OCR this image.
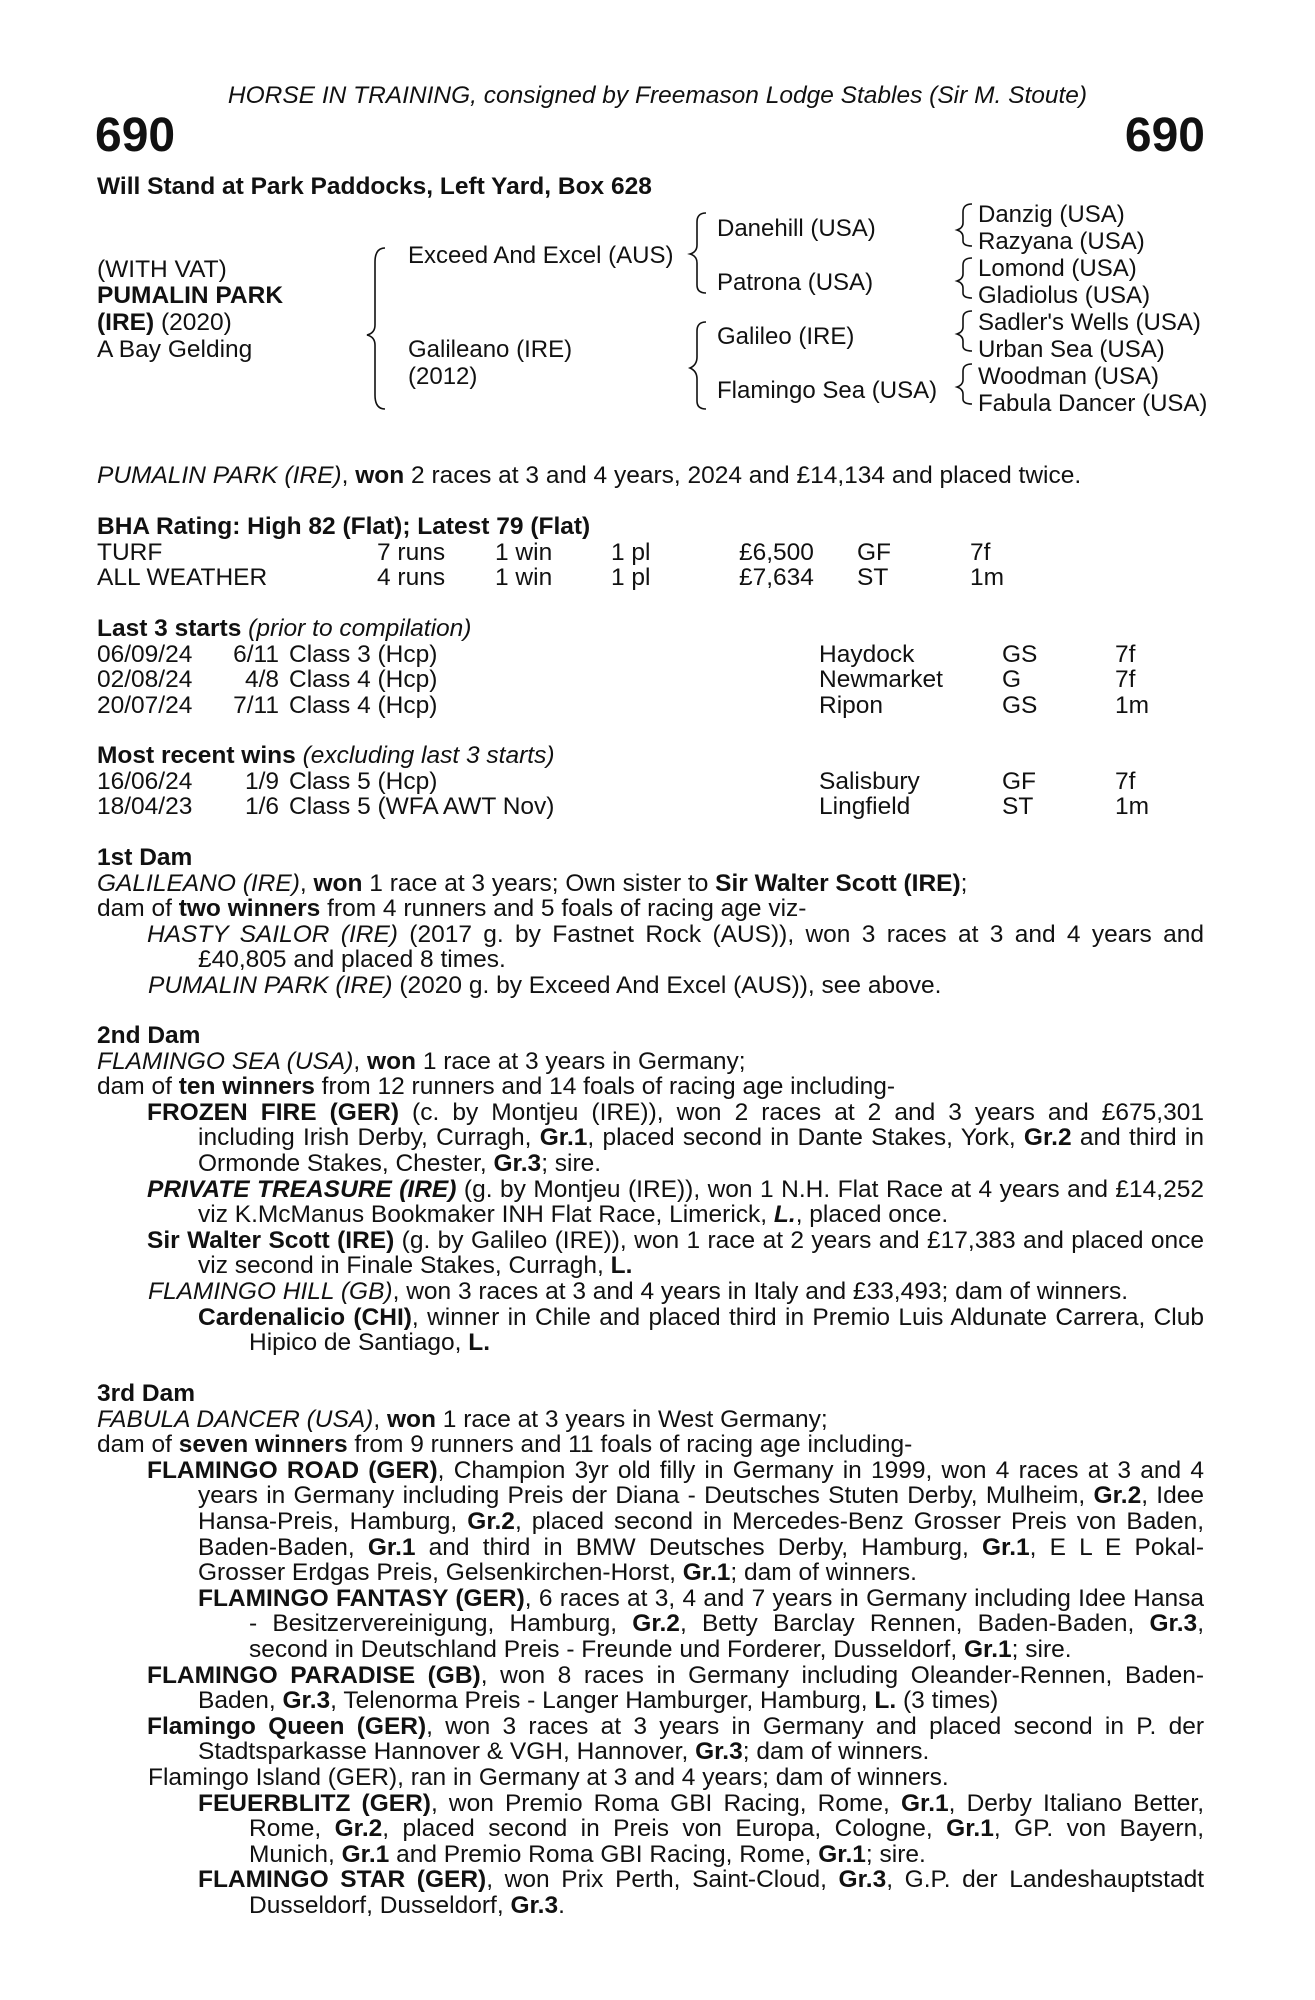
HORSE IN TRAINING, consigned by Freemason Lodge Stables (Sir M. Stoute)
690	690
Will Stand at Park Paddocks, Left Yard, Box 628
(WITH VAT)
PUMALIN PARK
(IRE) (2020)
A Bay Gelding
Exceed And Excel (AUS)
Galileano (IRE)
(2012)
Danehill (USA)
Patrona (USA)
Galileo (IRE)
Flamingo Sea (USA)
Danzig (USA)
Razyana (USA)
Lomond (USA)
Gladiolus (USA)
Sadler's Wells (USA)
Urban Sea (USA)
Woodman (USA)
Fabula Dancer (USA)
PUMALIN PARK (IRE), won 2 races at 3 and 4 years, 2024 and £14,134 and placed twice.
BHA Rating: High 82 (Flat); Latest 79 (Flat)
TURF	7 runs 1 win 1 pl	£6,500 GF	7f
ALL WEATHER	4 runs 1 win 1 pl	£7,634 ST	1m
Last 3 starts (prior to compilation)
06/09/24	6/11 Class 3 (Hcp)	Haydock	GS	7f
02/08/24	4/8 Class 4 (Hcp)	Newmarket G	7f
20/07/24	7/11 Class 4 (Hcp)	Ripon	GS	1m
Most recent wins (excluding last 3 starts)
16/06/24	1/9 Class 5 (Hcp)	Salisbury	GF	7f
18/04/23	1/6 Class 5 (WFA AWT Nov)	Lingfield	ST	1m

1st Dam

GALILEANO (IRE), won 1 race at 3 years; Own sister to Sir Walter Scott (IRE);

dam of two winners from 4 runners and 5 foals of racing age viz-

HASTY SAILOR (IRE) (2017 g. by Fastnet Rock (AUS)), won 3 races at 3 and 4 years and £40,805 and placed 8 times.

PUMALIN PARK (IRE) (2020 g. by Exceed And Excel (AUS)), see above.

2nd Dam

FLAMINGO SEA (USA), won 1 race at 3 years in Germany;

dam of ten winners from 12 runners and 14 foals of racing age including-

FROZEN FIRE (GER) (c. by Montjeu (IRE)), won 2 races at 2 and 3 years and £675,301 including Irish Derby, Curragh, Gr.1, placed second in Dante Stakes, York, Gr.2 and third in Ormonde Stakes, Chester, Gr.3; sire.

PRIVATE TREASURE (IRE) (g. by Montjeu (IRE)), won 1 N.H. Flat Race at 4 years and £14,252 viz K.McManus Bookmaker INH Flat Race, Limerick, L., placed once.

Sir Walter Scott (IRE) (g. by Galileo (IRE)), won 1 race at 2 years and £17,383 and placed once viz second in Finale Stakes, Curragh, L.

FLAMINGO HILL (GB), won 3 races at 3 and 4 years in Italy and £33,493; dam of winners.

Cardenalicio (CHI), winner in Chile and placed third in Premio Luis Aldunate Carrera, Club Hipico de Santiago, L.

3rd Dam

FABULA DANCER (USA), won 1 race at 3 years in West Germany;

dam of seven winners from 9 runners and 11 foals of racing age including-

FLAMINGO ROAD (GER), Champion 3yr old filly in Germany in 1999, won 4 races at 3 and 4 years in Germany including Preis der Diana - Deutsches Stuten Derby, Mulheim, Gr.2, Idee Hansa-Preis, Hamburg, Gr.2, placed second in Mercedes-Benz Grosser Preis von Baden, Baden-Baden, Gr.1 and third in BMW Deutsches Derby, Hamburg, Gr.1, E L E Pokal-Grosser Erdgas Preis, Gelsenkirchen-Horst, Gr.1; dam of winners.

FLAMINGO FANTASY (GER), 6 races at 3, 4 and 7 years in Germany including Idee Hansa - Besitzervereinigung, Hamburg, Gr.2, Betty Barclay Rennen, Baden-Baden, Gr.3, second in Deutschland Preis - Freunde und Forderer, Dusseldorf, Gr.1; sire.

FLAMINGO PARADISE (GB), won 8 races in Germany including Oleander-Rennen, Baden-Baden, Gr.3, Telenorma Preis - Langer Hamburger, Hamburg, L. (3 times)

Flamingo Queen (GER), won 3 races at 3 years in Germany and placed second in P. der Stadtsparkasse Hannover & VGH, Hannover, Gr.3; dam of winners.

Flamingo Island (GER), ran in Germany at 3 and 4 years; dam of winners.

FEUERBLITZ (GER), won Premio Roma GBI Racing, Rome, Gr.1, Derby Italiano Better, Rome, Gr.2, placed second in Preis von Europa, Cologne, Gr.1, GP. von Bayern, Munich, Gr.1 and Premio Roma GBI Racing, Rome, Gr.1; sire.

FLAMINGO STAR (GER), won Prix Perth, Saint-Cloud, Gr.3, G.P. der Landeshauptstadt Dusseldorf, Dusseldorf, Gr.3.
